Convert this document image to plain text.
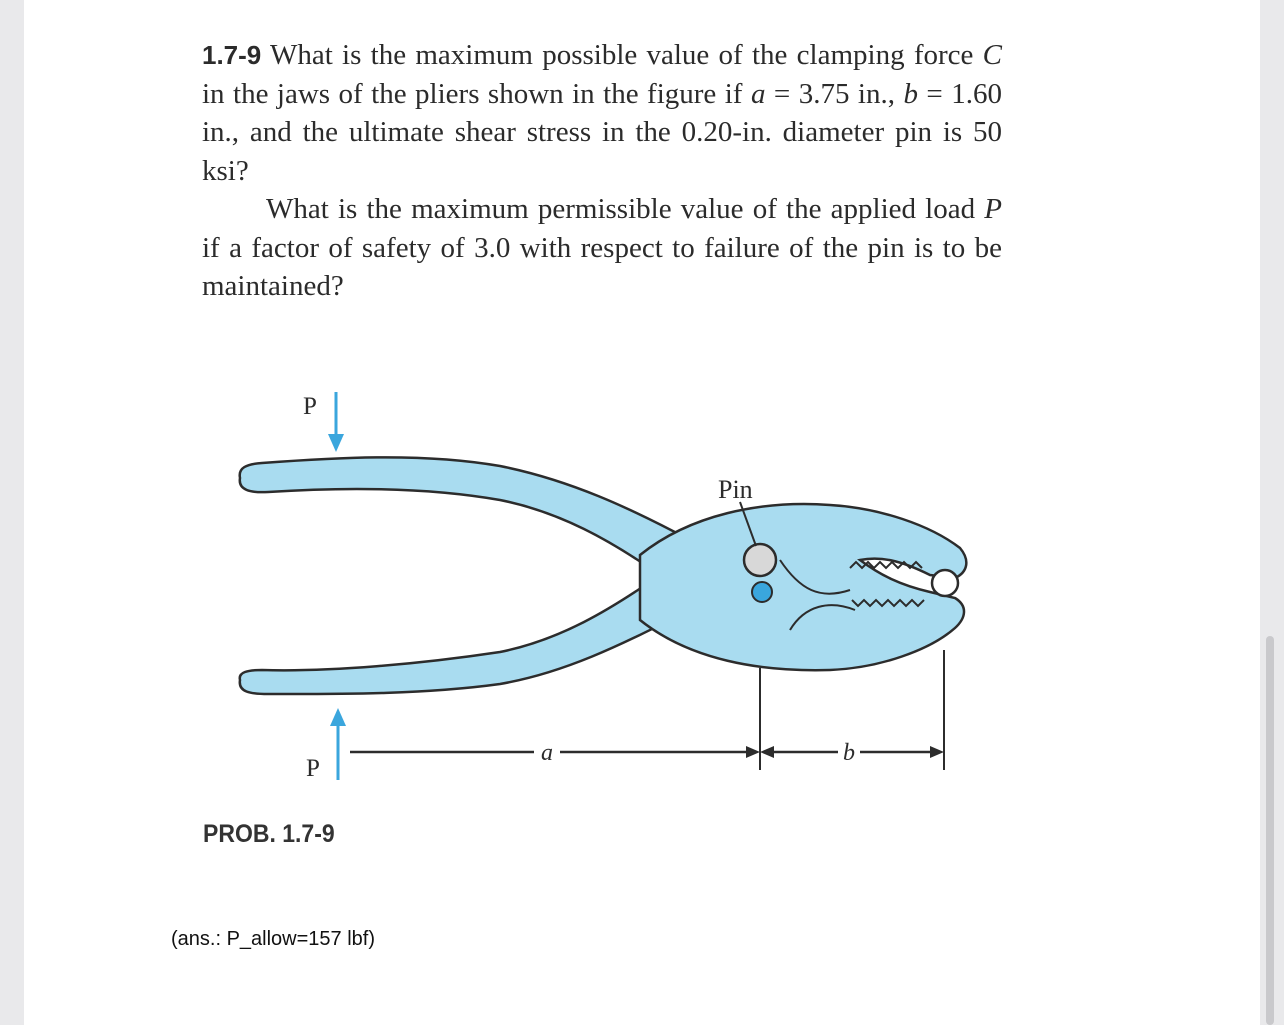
1.7-9 What is the maximum possible value of the clamping force C in the jaws of the pliers shown in the figure if a = 3.75 in., b = 1.60 in., and the ultimate shear stress in the 0.20-in. diameter pin is 50 ksi?

What is the maximum permissible value of the applied load P if a factor of safety of 3.0 with respect to failure of the pin is to be maintained?

Pin
P
P
a	b
PROB. 1.7-9
(ans.: P_allow=157 lbf)
